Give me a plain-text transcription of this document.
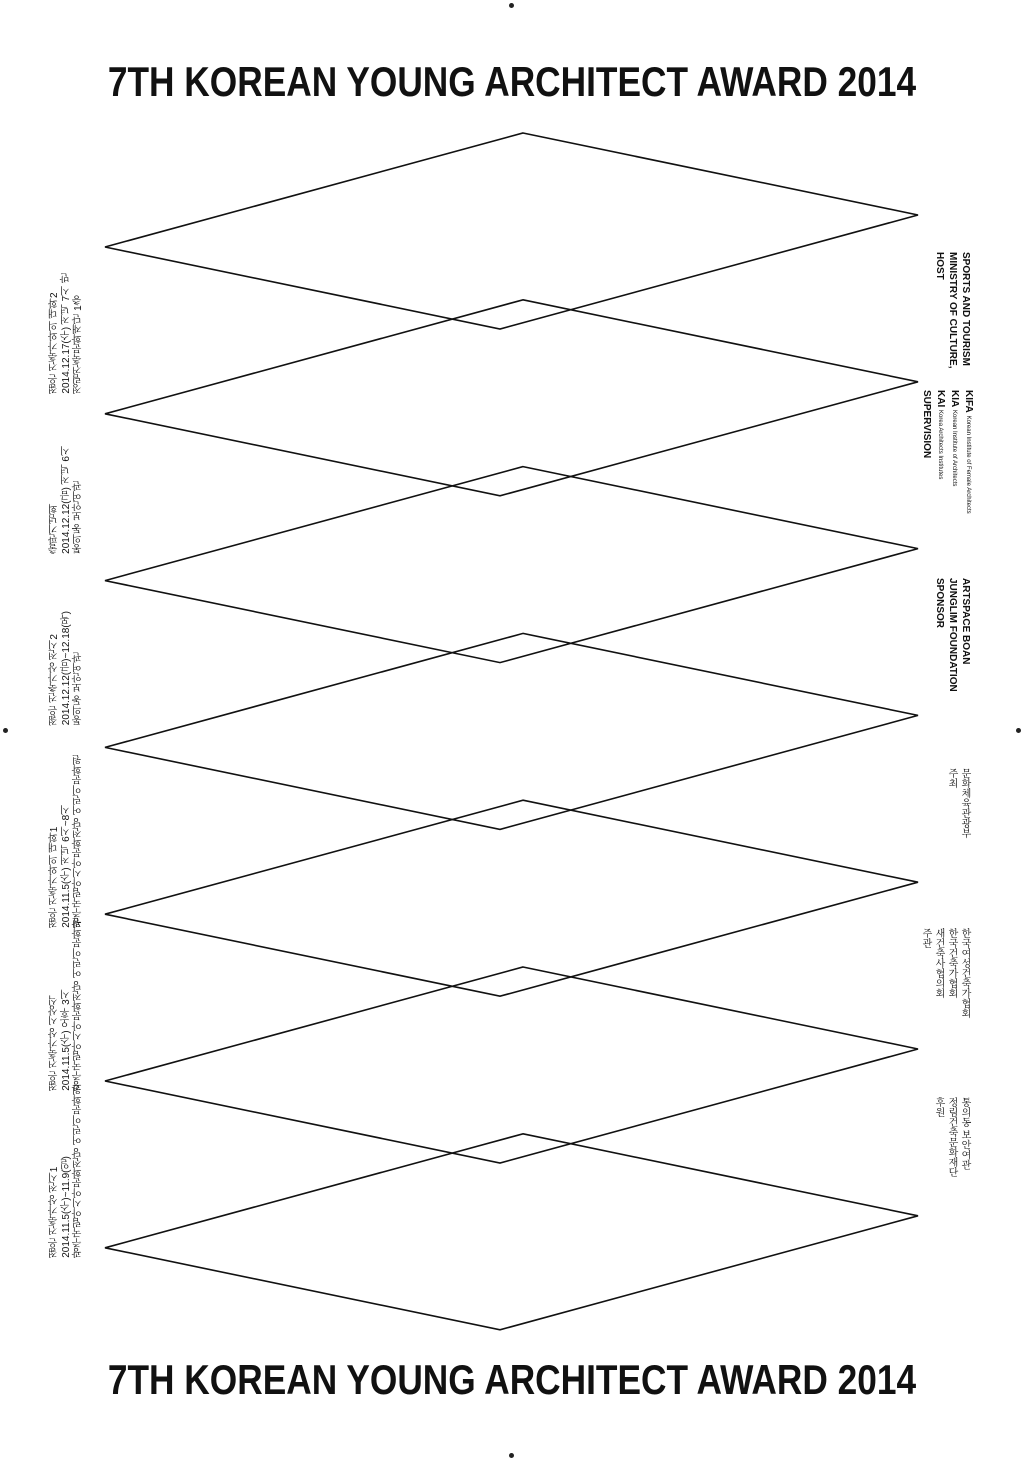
7TH KOREAN YOUNG ARCHITECT AWARD 2014
7TH KOREAN YOUNG ARCHITECT AWARD 2014
젊은 건축가와의 대화2 2014.12.17(수) 저녁 7시 반 정림건축문화재단 1층
출판기념회 2014.12.12(금) 저녁 6시 통의동 보안여관
젊은 건축가상 전시2 2014.12.12(금)~12.18(목) 통의동 보안여관
젊은 건축가와의 대화1 2014.11.5(수) 저녁 6시~8시 광주국립아시아문화전당 어린이문화원
젊은 건축가상 시상식 2014.11.5(수) 오후 3시 광주국립아시아문화전당 어린이문화원
젊은 건축가상 전시1 2014.11.5(수)~11.9(일) 광주국립아시아문화전당 어린이문화원
SPORTS AND TOURISM
MINISTRY OF CULTURE,
HOST
KIFA Korean Institute of Female Architects
KIA Korean Institute of Architects
KAI Korea Architects Institutes
SUPERVISION
ARTSPACE BOAN
JUNGLIM FOUNDATION
SPONSOR
문화체육관광부
주최
한국여성건축가협회
한국건축가협회
새건축사협의회
주관
통의동 보안여관
정림건축문화재단
후원
